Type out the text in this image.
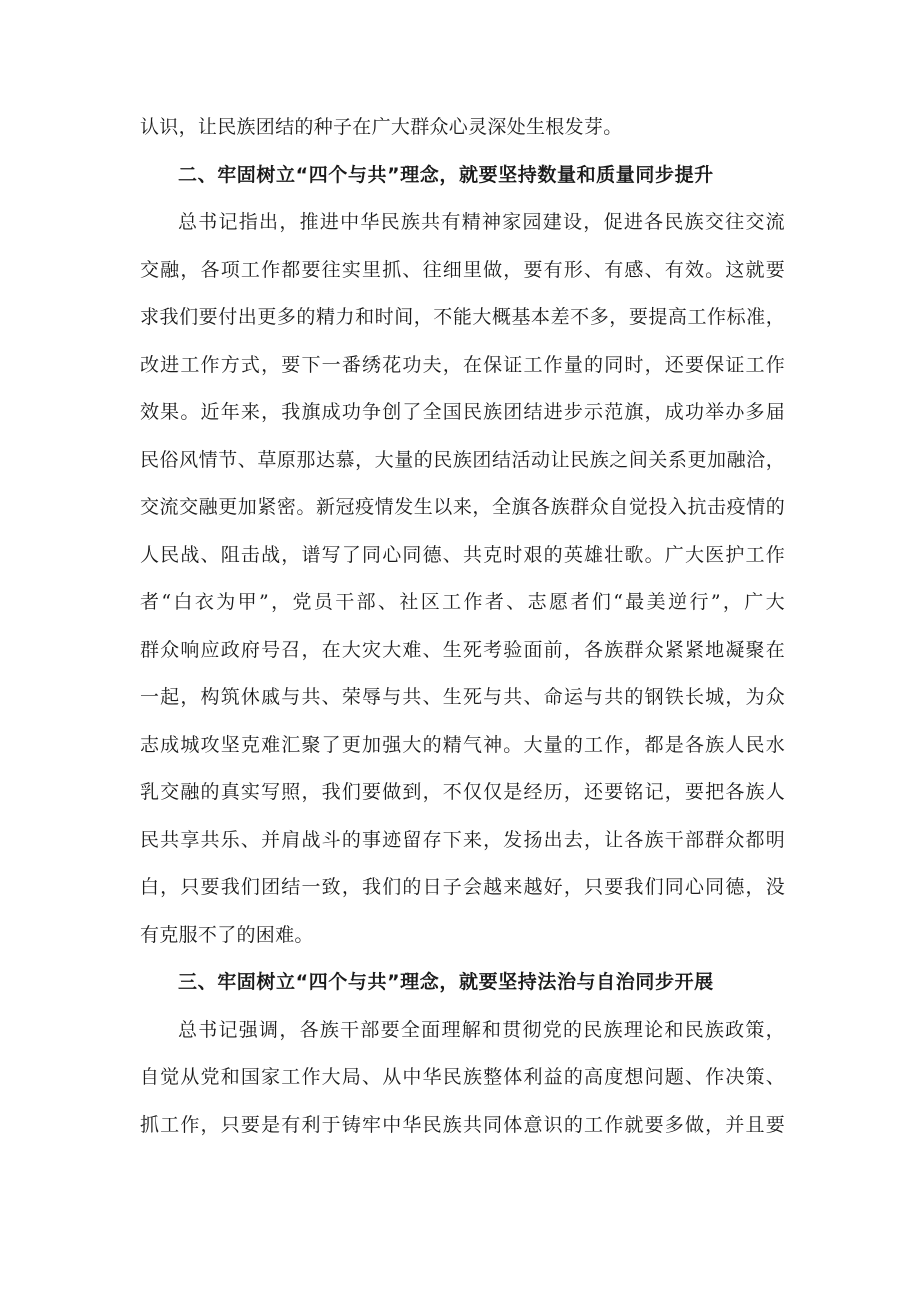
认识，让民族团结的种子在广大群众心灵深处生根发芽。
二、牢固树立“四个与共”理念，就要坚持数量和质量同步提升
总书记指出，推进中华民族共有精神家园建设，促进各民族交往交流
交融，各项工作都要往实里抓、往细里做，要有形、有感、有效。这就要
求我们要付出更多的精力和时间，不能大概基本差不多，要提高工作标准，
改进工作方式，要下一番绣花功夫，在保证工作量的同时，还要保证工作
效果。近年来，我旗成功争创了全国民族团结进步示范旗，成功举办多届
民俗风情节、草原那达慕，大量的民族团结活动让民族之间关系更加融洽，
交流交融更加紧密。新冠疫情发生以来，全旗各族群众自觉投入抗击疫情的
人民战、阻击战，谱写了同心同德、共克时艰的英雄壮歌。广大医护工作
者“白衣为甲”，党员干部、社区工作者、志愿者们“最美逆行”，广大
群众响应政府号召，在大灾大难、生死考验面前，各族群众紧紧地凝聚在
一起，构筑休戚与共、荣辱与共、生死与共、命运与共的钢铁长城，为众
志成城攻坚克难汇聚了更加强大的精气神。大量的工作，都是各族人民水
乳交融的真实写照，我们要做到，不仅仅是经历，还要铭记，要把各族人
民共享共乐、并肩战斗的事迹留存下来，发扬出去，让各族干部群众都明
白，只要我们团结一致，我们的日子会越来越好，只要我们同心同德，没
有克服不了的困难。
三、牢固树立“四个与共”理念，就要坚持法治与自治同步开展
总书记强调，各族干部要全面理解和贯彻党的民族理论和民族政策，
自觉从党和国家工作大局、从中华民族整体利益的高度想问题、作决策、
抓工作，只要是有利于铸牢中华民族共同体意识的工作就要多做，并且要
